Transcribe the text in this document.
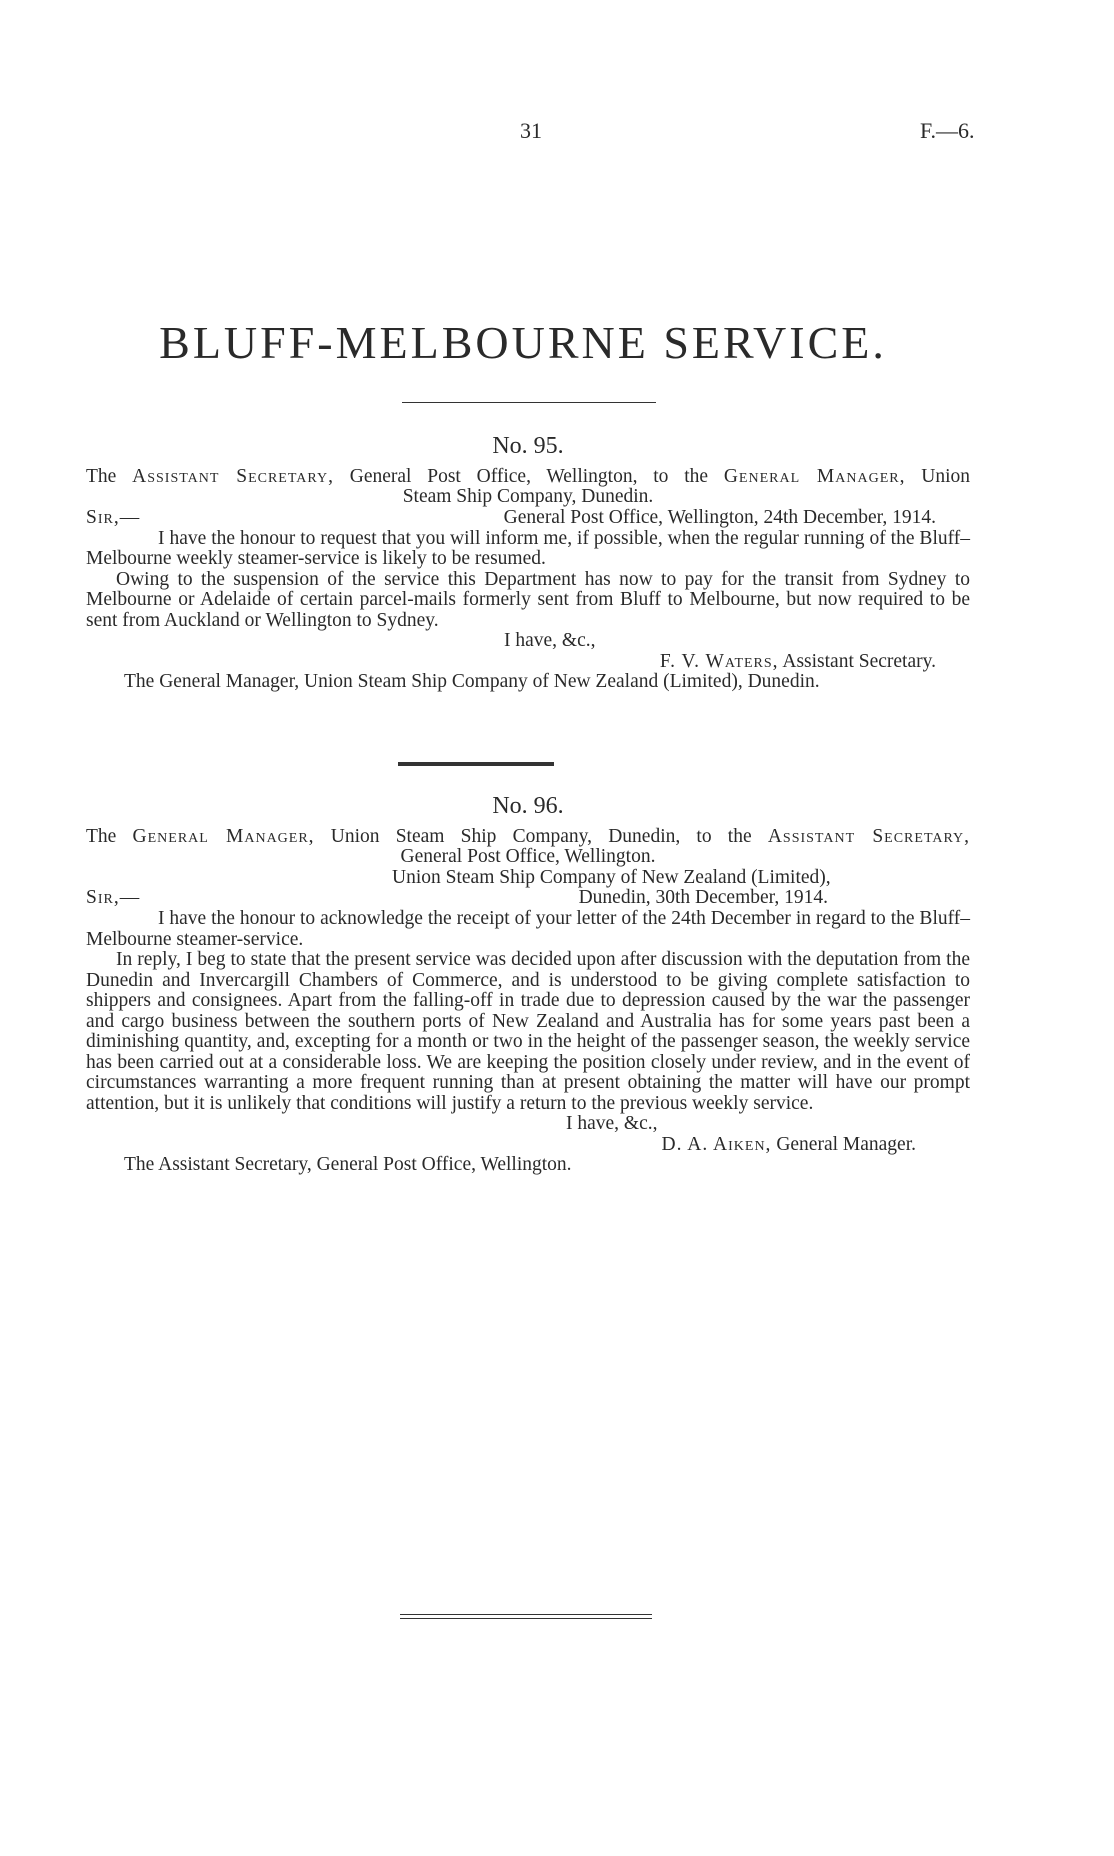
31	F.—6.
BLUFF-MELBOURNE SERVICE.
No. 95.
The Assistant Secretary, General Post Office, Wellington, to the General Manager, Union
Steam Ship Company, Dunedin.
Sir,—	General Post Office, Wellington, 24th December, 1914.

I have the honour to request that you will inform me, if possible, when the regular running of the Bluff–Melbourne weekly steamer-service is likely to be resumed.

Owing to the suspension of the service this Department has now to pay for the transit from Sydney to Melbourne or Adelaide of certain parcel-mails formerly sent from Bluff to Melbourne, but now required to be sent from Auckland or Wellington to Sydney.

I have, &c.,
F. V. Waters, Assistant Secretary.
The General Manager, Union Steam Ship Company of New Zealand (Limited), Dunedin.
No. 96.
The General Manager, Union Steam Ship Company, Dunedin, to the Assistant Secretary,
General Post Office, Wellington.
Union Steam Ship Company of New Zealand (Limited),
Sir,—	Dunedin, 30th December, 1914.

I have the honour to acknowledge the receipt of your letter of the 24th December in regard to the Bluff–Melbourne steamer-service.

In reply, I beg to state that the present service was decided upon after discussion with the deputation from the Dunedin and Invercargill Chambers of Commerce, and is understood to be giving complete satisfaction to shippers and consignees. Apart from the falling-off in trade due to depression caused by the war the passenger and cargo business between the southern ports of New Zealand and Australia has for some years past been a diminishing quantity, and, excepting for a month or two in the height of the passenger season, the weekly service has been carried out at a considerable loss. We are keeping the position closely under review, and in the event of circumstances warranting a more frequent running than at present obtaining the matter will have our prompt attention, but it is unlikely that conditions will justify a return to the previous weekly service.

I have, &c.,
D. A. Aiken, General Manager.
The Assistant Secretary, General Post Office, Wellington.
